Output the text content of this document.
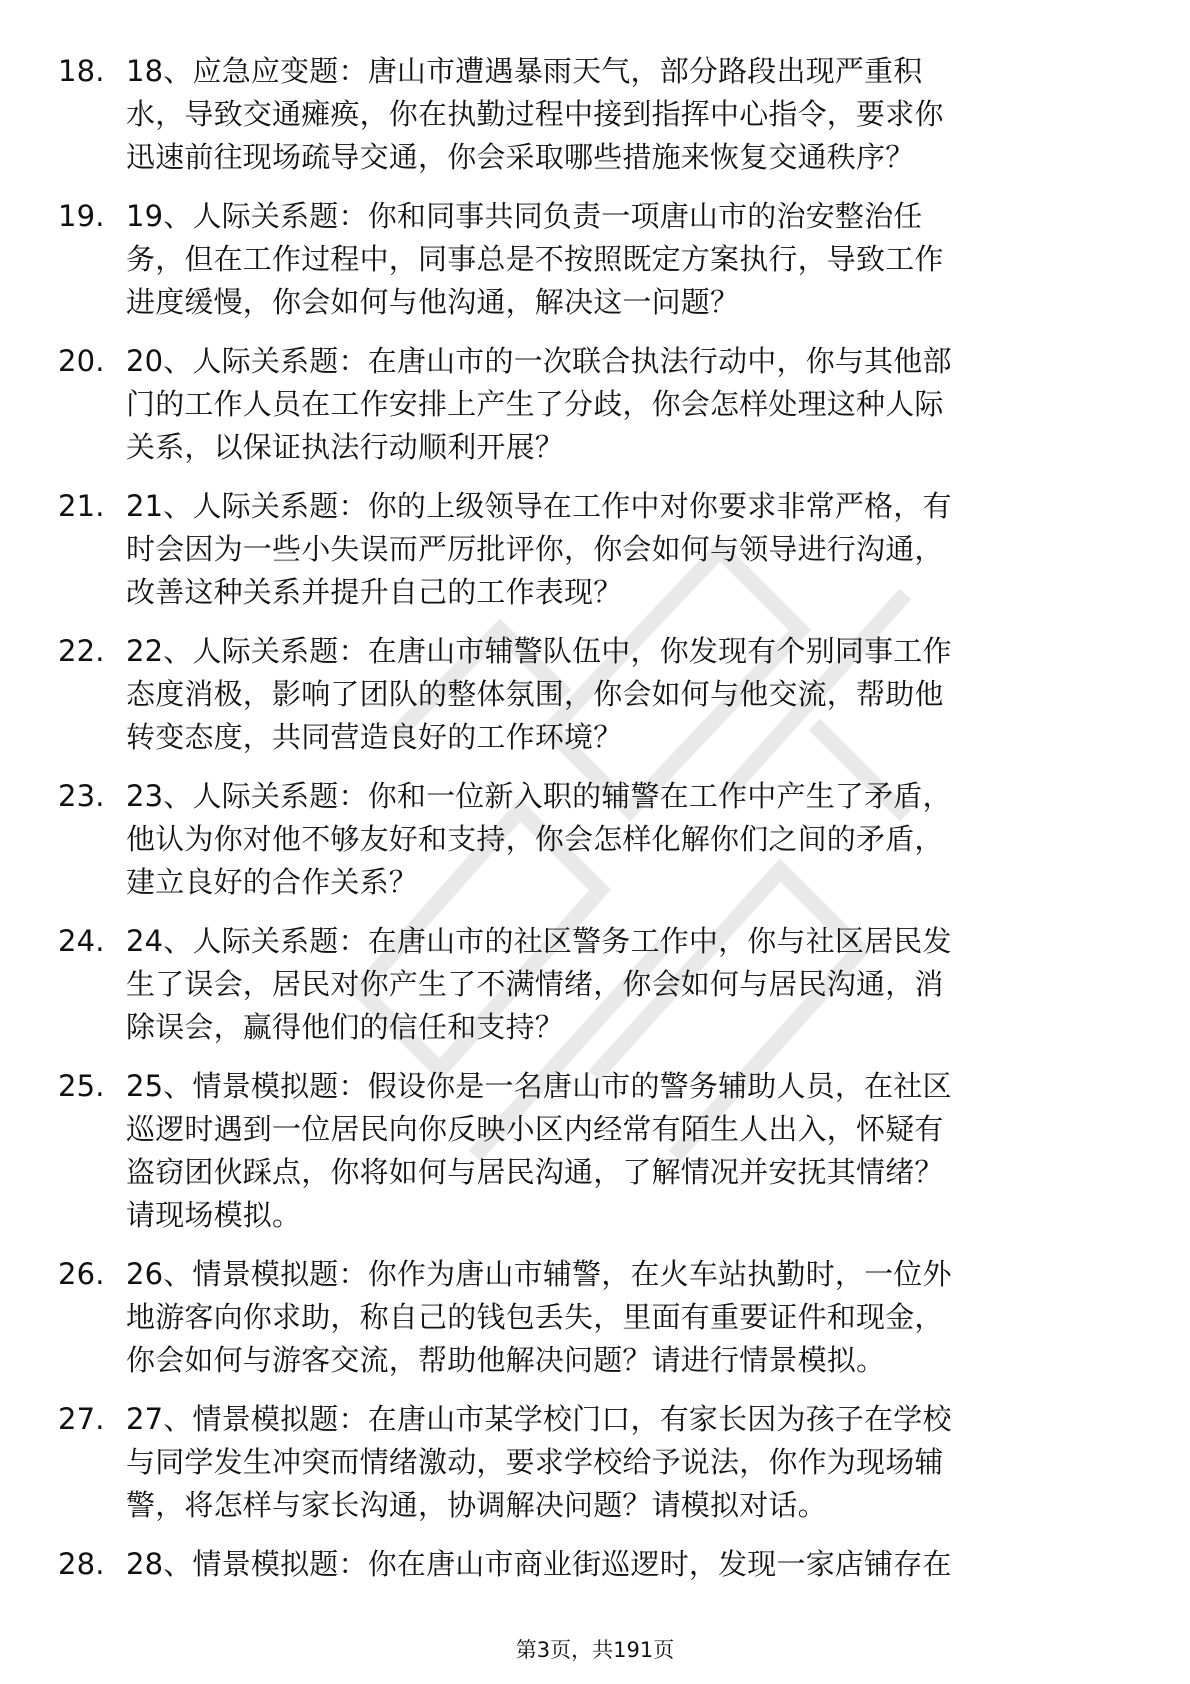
18. 18、应急应变题：唐山市遭遇暴雨天气，部分路段出现严重积
水，导致交通瘫痪，你在执勤过程中接到指挥中心指令，要求你
迅速前往现场疏导交通，你会采取哪些措施来恢复交通秩序？
19. 19、人际关系题：你和同事共同负责一项唐山市的治安整治任
务，但在工作过程中，同事总是不按照既定方案执行，导致工作
进度缓慢，你会如何与他沟通，解决这一问题？
20. 20、人际关系题：在唐山市的一次联合执法行动中，你与其他部
门的工作人员在工作安排上产生了分歧，你会怎样处理这种人际
关系，以保证执法行动顺利开展？
21. 21、人际关系题：你的上级领导在工作中对你要求非常严格，有
时会因为一些小失误而严厉批评你，你会如何与领导进行沟通，
改善这种关系并提升自己的工作表现？
22. 22、人际关系题：在唐山市辅警队伍中，你发现有个别同事工作
态度消极，影响了团队的整体氛围，你会如何与他交流，帮助他
转变态度，共同营造良好的工作环境？
23. 23、人际关系题：你和一位新入职的辅警在工作中产生了矛盾，
他认为你对他不够友好和支持，你会怎样化解你们之间的矛盾，
建立良好的合作关系？
24. 24、人际关系题：在唐山市的社区警务工作中，你与社区居民发
生了误会，居民对你产生了不满情绪，你会如何与居民沟通，消
除误会，赢得他们的信任和支持？
25. 25、情景模拟题：假设你是一名唐山市的警务辅助人员，在社区
巡逻时遇到一位居民向你反映小区内经常有陌生人出入，怀疑有
盗窃团伙踩点，你将如何与居民沟通，了解情况并安抚其情绪？
请现场模拟。
26. 26、情景模拟题：你作为唐山市辅警，在火车站执勤时，一位外
地游客向你求助，称自己的钱包丢失，里面有重要证件和现金，
你会如何与游客交流，帮助他解决问题？请进行情景模拟。
27. 27、情景模拟题：在唐山市某学校门口，有家长因为孩子在学校
与同学发生冲突而情绪激动，要求学校给予说法，你作为现场辅
警，将怎样与家长沟通，协调解决问题？请模拟对话。
28. 28、情景模拟题：你在唐山市商业街巡逻时，发现一家店铺存在
第3页，共191页
